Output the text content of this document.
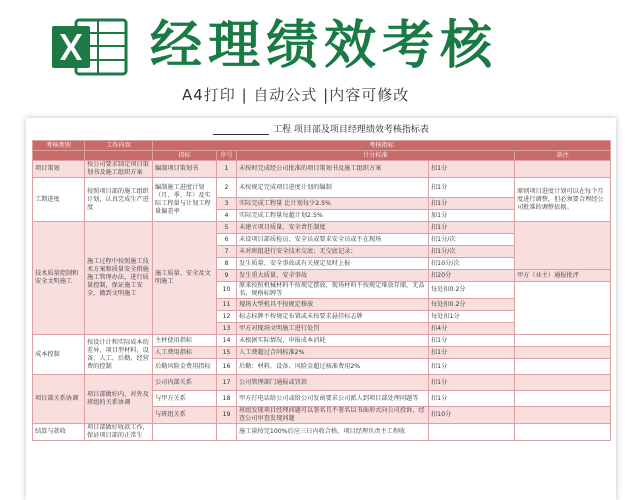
经理绩效考核
A4打印 | 自动公式 |内容可修改
工程 项目部及项目经理绩效考核指标表
考核类别	工作内容	考核指标				
		指标	序号	计分标准		备注
项目策划	按公司要求制定项目策划书及施工组织方案	编制项目策划书	1	未按时完成经公司批准的项目策划书及施工组织方案	扣1分	
工期进度	按照项目部的施工组织计划，认真完成生产进度	编制施工进度计划（月、季、年）及实际工程量与计划工程量偏差率	2	未按规定完成项目进度计划的编制	扣1分	原则项目进度计划可以在每个月度进行调整，但必须要合理经公司批准的调整依据。
			3	实际完成工程量 比计划每少2.5%	扣1分	
			4	实际完成工程量每超计划2.5%	加1分	
技术质量控制和安全文明施工	施工过程中按照施工技术方案和质量安全措施施工管理办法，进行质量控制，保证施工安全，做到文明施工	施工质量、安全及文明施工	5	未建立项目质量、安全责任制度	扣1分	
			6	未设项目部质检员、安全员或要求安全员或不在现场	扣1分/次	
			7	未对班组进行安全技术交底；无交底记录；	扣1分/次	
			8	发生质量、安全事故或有关规定及时上报	扣10分/次	
			9	发生重大质量、安全事故	扣20分	甲方（业主）通报批评
			10	原来按照机械材料不按规定摆放，现场材料不按规定堆放存储，无品名、规格标牌等	每处扣0.2分	
			11	现场大型机具不按规定修放	每处扣0.2分	
			12	标志标牌不按规定布置或未按要求悬挂标志牌	每处扣1分	
			13	甲方对现场文明施工进行处罚	扣4分	
成本控制	按设计计和实际成本的差异，项目型材料，设备，人工、后勤、经营费的控制	主材使用指标	14	未根据实际情况，申报成本消耗	扣1分	
		人工费用指标	15	人工费超过合同标准2%	扣1分	
		后勤风险金费用指标	16	后勤：材料、设备、风险金超过核准费用2%	扣1分	
项目部关系协调	项目部做好内、对外及班组的关系协调	公司内部关系	17	公司管理部门通报或罚款	扣1分	
		与甲方关系	18	甲方打电话给公司或给公司发函要求公司派人到项目部处理问题等	扣1分	
		与班组关系	19	班组发现项目经理问题可以署名且不署名以书面形式向公司投诉，经查公司审查发现问题	扣10分	
结算与款收	项目部做好收款工作，保证项目部的正常生			施工量按完100%后应三日内收合格，项目经理负责主工程收		
